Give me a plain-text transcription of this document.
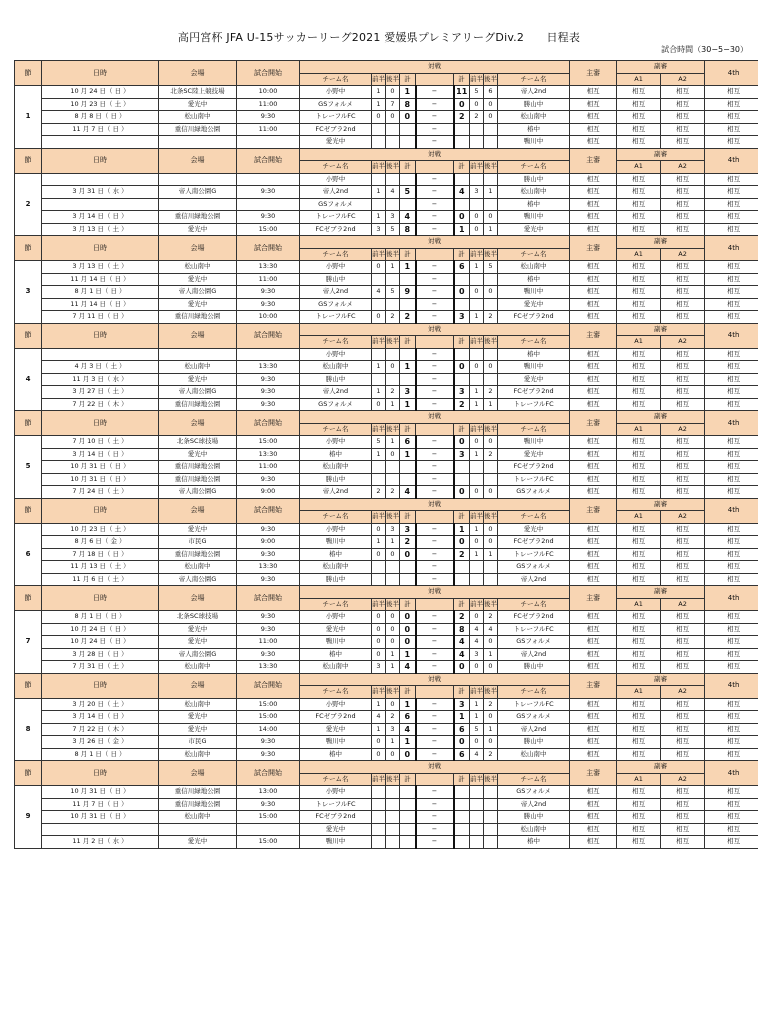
高円宮杯 JFA U-15サッカーリーグ2021 愛媛県プレミアリーグDiv.2　　日程表
試合時間（30−5−30）
節	日時	会場	試合開始	対戦									主審	副審		4th
				チーム名	前半	後半	計		計	前半	後半	チーム名		A1	A2	
1	10 月 24 日（ 日 ）	北条SC陸上競技場	10:00	小野中	1	0	1	−	11	5	6	帝人2nd	相互	相互	相互	相互
	10 月 23 日（ 土 ）	愛光中	11:00	GSフォルメ	1	7	8	−	0	0	0	勝山中	相互	相互	相互	相互
	8 月 8 日（ 日 ）	松山南中	9:30	トレーフルFC	0	0	0	−	2	2	0	松山南中	相互	相互	相互	相互
	11 月 7 日（ 日 ）	重信川緑地公園	11:00	FCゼブラ2nd				−				椿中	相互	相互	相互	相互
				愛光中				−				鴨川中	相互	相互	相互	相互
節	日時	会場	試合開始	対戦									主審	副審		4th
				チーム名	前半	後半	計		計	前半	後半	チーム名		A1	A2	
2				小野中				−				勝山中	相互	相互	相互	相互
	3 月 31 日（ 水 ）	帝人南公園G	9:30	帝人2nd	1	4	5	−	4	3	1	松山南中	相互	相互	相互	相互
				GSフォルメ				−				椿中	相互	相互	相互	相互
	3 月 14 日（ 日 ）	重信川緑地公園	9:30	トレーフルFC	1	3	4	−	0	0	0	鴨川中	相互	相互	相互	相互
	3 月 13 日（ 土 ）	愛光中	15:00	FCゼブラ2nd	3	5	8	−	1	0	1	愛光中	相互	相互	相互	相互
節	日時	会場	試合開始	対戦									主審	副審		4th
				チーム名	前半	後半	計		計	前半	後半	チーム名		A1	A2	
3	3 月 13 日（ 土 ）	松山南中	13:30	小野中	0	1	1	−	6	1	5	松山南中	相互	相互	相互	相互
	11 月 14 日（ 日 ）	愛光中	11:00	勝山中				−				椿中	相互	相互	相互	相互
	8 月 1 日（ 日 ）	帝人南公園G	9:30	帝人2nd	4	5	9	−	0	0	0	鴨川中	相互	相互	相互	相互
	11 月 14 日（ 日 ）	愛光中	9:30	GSフォルメ				−				愛光中	相互	相互	相互	相互
	7 月 11 日（ 日 ）	重信川緑地公園	10:00	トレーフルFC	0	2	2	−	3	1	2	FCゼブラ2nd	相互	相互	相互	相互
節	日時	会場	試合開始	対戦									主審	副審		4th
				チーム名	前半	後半	計		計	前半	後半	チーム名		A1	A2	
4				小野中				−				椿中	相互	相互	相互	相互
	4 月 3 日（ 土 ）	松山南中	13:30	松山南中	1	0	1	−	0	0	0	鴨川中	相互	相互	相互	相互
	11 月 3 日（ 水 ）	愛光中	9:30	勝山中				−				愛光中	相互	相互	相互	相互
	3 月 27 日（ 土 ）	帝人南公園G	9:30	帝人2nd	1	2	3	−	3	1	2	FCゼブラ2nd	相互	相互	相互	相互
	7 月 22 日（ 木 ）	重信川緑地公園	9:30	GSフォルメ	0	1	1	−	2	1	1	トレーフルFC	相互	相互	相互	相互
節	日時	会場	試合開始	対戦									主審	副審		4th
				チーム名	前半	後半	計		計	前半	後半	チーム名		A1	A2	
5	7 月 10 日（ 土 ）	北条SC球技場	15:00	小野中	5	1	6	−	0	0	0	鴨川中	相互	相互	相互	相互
	3 月 14 日（ 日 ）	愛光中	13:30	椿中	1	0	1	−	3	1	2	愛光中	相互	相互	相互	相互
	10 月 31 日（ 日 ）	重信川緑地公園	11:00	松山南中				−				FCゼブラ2nd	相互	相互	相互	相互
	10 月 31 日（ 日 ）	重信川緑地公園	9:30	勝山中				−				トレーフルFC	相互	相互	相互	相互
	7 月 24 日（ 土 ）	帝人南公園G	9:00	帝人2nd	2	2	4	−	0	0	0	GSフォルメ	相互	相互	相互	相互
節	日時	会場	試合開始	対戦									主審	副審		4th
				チーム名	前半	後半	計		計	前半	後半	チーム名		A1	A2	
6	10 月 23 日（ 土 ）	愛光中	9:30	小野中	0	3	3	−	1	1	0	愛光中	相互	相互	相互	相互
	8 月 6 日（ 金 ）	市民G	9:00	鴨川中	1	1	2	−	0	0	0	FCゼブラ2nd	相互	相互	相互	相互
	7 月 18 日（ 日 ）	重信川緑地公園	9:30	椿中	0	0	0	−	2	1	1	トレーフルFC	相互	相互	相互	相互
	11 月 13 日（ 土 ）	松山南中	13:30	松山南中				−				GSフォルメ	相互	相互	相互	相互
	11 月 6 日（ 土 ）	帝人南公園G	9:30	勝山中				−				帝人2nd	相互	相互	相互	相互
節	日時	会場	試合開始	対戦									主審	副審		4th
				チーム名	前半	後半	計		計	前半	後半	チーム名		A1	A2	
7	8 月 1 日（ 日 ）	北条SC球技場	9:30	小野中	0	0	0	−	2	0	2	FCゼブラ2nd	相互	相互	相互	相互
	10 月 24 日（ 日 ）	愛光中	9:30	愛光中	0	0	0	−	8	4	4	トレーフルFC	相互	相互	相互	相互
	10 月 24 日（ 日 ）	愛光中	11:00	鴨川中	0	0	0	−	4	4	0	GSフォルメ	相互	相互	相互	相互
	3 月 28 日（ 日 ）	帝人南公園G	9:30	椿中	0	1	1	−	4	3	1	帝人2nd	相互	相互	相互	相互
	7 月 31 日（ 土 ）	松山南中	13:30	松山南中	3	1	4	−	0	0	0	勝山中	相互	相互	相互	相互
節	日時	会場	試合開始	対戦									主審	副審		4th
				チーム名	前半	後半	計		計	前半	後半	チーム名		A1	A2	
8	3 月 20 日（ 土 ）	松山南中	15:00	小野中	1	0	1	−	3	1	2	トレーフルFC	相互	相互	相互	相互
	3 月 14 日（ 日 ）	愛光中	15:00	FCゼブラ2nd	4	2	6	−	1	1	0	GSフォルメ	相互	相互	相互	相互
	7 月 22 日（ 木 ）	愛光中	14:00	愛光中	1	3	4	−	6	5	1	帝人2nd	相互	相互	相互	相互
	3 月 26 日（ 金 ）	市民G	9:30	鴨川中	0	1	1	−	0	0	0	勝山中	相互	相互	相互	相互
	8 月 1 日（ 日 ）	松山南中	9:30	椿中	0	0	0	−	6	4	2	松山南中	相互	相互	相互	相互
節	日時	会場	試合開始	対戦									主審	副審		4th
				チーム名	前半	後半	計		計	前半	後半	チーム名		A1	A2	
9	10 月 31 日（ 日 ）	重信川緑地公園	13:00	小野中				−				GSフォルメ	相互	相互	相互	相互
	11 月 7 日（ 日 ）	重信川緑地公園	9:30	トレーフルFC				−				帝人2nd	相互	相互	相互	相互
	10 月 31 日（ 日 ）	松山南中	15:00	FCゼブラ2nd				−				勝山中	相互	相互	相互	相互
				愛光中				−				松山南中	相互	相互	相互	相互
	11 月 2 日（ 水 ）	愛光中	15:00	鴨川中				−				椿中	相互	相互	相互	相互
